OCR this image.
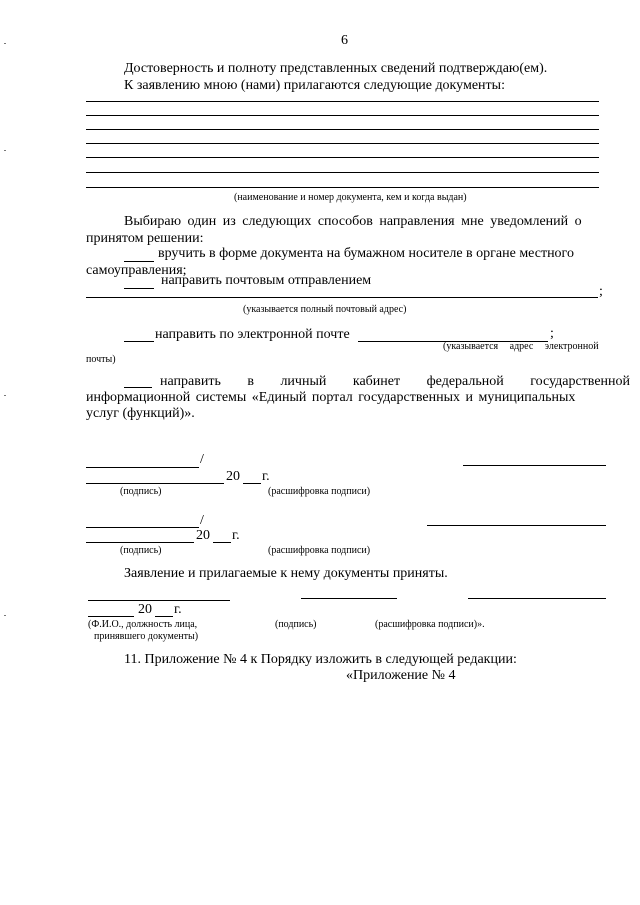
6
Достоверность и полноту представленных сведений подтверждаю(ем).
К заявлению мною (нами) прилагаются следующие документы:
(наименование и номер документа, кем и когда выдан)
Выбираю один из следующих способов направления мне уведомлений о
принятом решении:
вручить в форме документа на бумажном носителе в органе местного
самоуправления;
направить почтовым отправлением
;
(указывается полный почтовый адрес)
направить по электронной почте	;
(указывается адрес электронной
почты)
направить в личный кабинет федеральной государственной
информационной системы «Единый портал государственных и муниципальных
услуг (функций)».
/
20 г.
(подпись)	(расшифровка подписи)
/
20 г.
(подпись)	(расшифровка подписи)
Заявление и прилагаемые к нему документы приняты.
20 г.
(Ф.И.О., должность лица,
принявшего документы)
(подпись)	(расшифровка подписи)».
11. Приложение № 4 к Порядку изложить в следующей редакции:
«Приложение № 4
